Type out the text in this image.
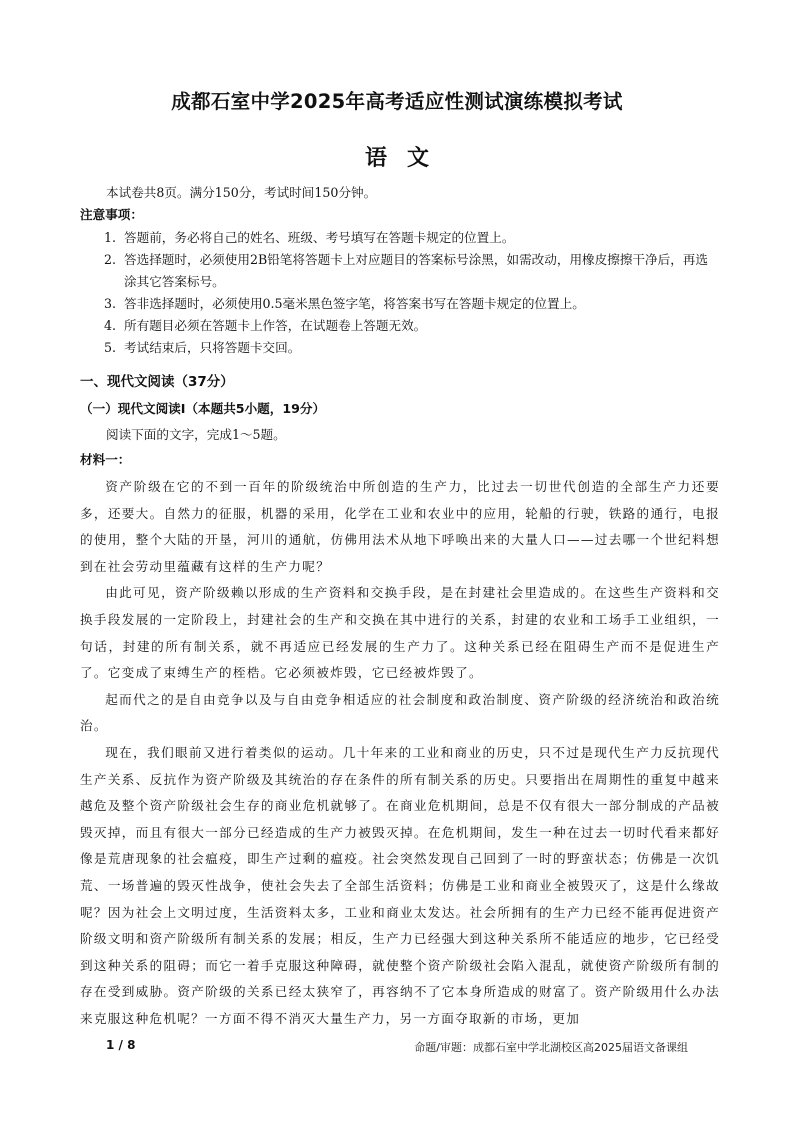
成都石室中学2025年高考适应性测试演练模拟考试
语文
本试卷共8页。满分150分，考试时间150分钟。
注意事项：
1. 答题前，务必将自己的姓名、班级、考号填写在答题卡规定的位置上。
2. 答选择题时，必须使用2B铅笔将答题卡上对应题目的答案标号涂黑，如需改动，用橡皮擦擦干净后，再选涂其它答案标号。
3. 答非选择题时，必须使用0.5毫米黑色签字笔，将答案书写在答题卡规定的位置上。
4. 所有题目必须在答题卡上作答，在试题卷上答题无效。
5. 考试结束后，只将答题卡交回。
一、现代文阅读（37分）
（一）现代文阅读Ⅰ（本题共5小题，19分）
阅读下面的文字，完成1～5题。
材料一：

资产阶级在它的不到一百年的阶级统治中所创造的生产力，比过去一切世代创造的全部生产力还要多，还要大。自然力的征服，机器的采用，化学在工业和农业中的应用，轮船的行驶，铁路的通行，电报的使用，整个大陆的开垦，河川的通航，仿佛用法术从地下呼唤出来的大量人口——过去哪一个世纪料想到在社会劳动里蕴藏有这样的生产力呢？

由此可见，资产阶级赖以形成的生产资料和交换手段，是在封建社会里造成的。在这些生产资料和交换手段发展的一定阶段上，封建社会的生产和交换在其中进行的关系，封建的农业和工场手工业组织，一句话，封建的所有制关系，就不再适应已经发展的生产力了。这种关系已经在阻碍生产而不是促进生产了。它变成了束缚生产的桎梏。它必须被炸毁，它已经被炸毁了。

起而代之的是自由竞争以及与自由竞争相适应的社会制度和政治制度、资产阶级的经济统治和政治统治。

现在，我们眼前又进行着类似的运动。几十年来的工业和商业的历史，只不过是现代生产力反抗现代生产关系、反抗作为资产阶级及其统治的存在条件的所有制关系的历史。只要指出在周期性的重复中越来越危及整个资产阶级社会生存的商业危机就够了。在商业危机期间，总是不仅有很大一部分制成的产品被毁灭掉，而且有很大一部分已经造成的生产力被毁灭掉。在危机期间，发生一种在过去一切时代看来都好像是荒唐现象的社会瘟疫，即生产过剩的瘟疫。社会突然发现自己回到了一时的野蛮状态；仿佛是一次饥荒、一场普遍的毁灭性战争，使社会失去了全部生活资料；仿佛是工业和商业全被毁灭了，这是什么缘故呢？因为社会上文明过度，生活资料太多，工业和商业太发达。社会所拥有的生产力已经不能再促进资产阶级文明和资产阶级所有制关系的发展；相反，生产力已经强大到这种关系所不能适应的地步，它已经受到这种关系的阻碍；而它一着手克服这种障碍，就使整个资产阶级社会陷入混乱，就使资产阶级所有制的存在受到威胁。资产阶级的关系已经太狭窄了，再容纳不了它本身所造成的财富了。资产阶级用什么办法来克服这种危机呢？一方面不得不消灭大量生产力，另一方面夺取新的市场，更加

1 / 8	命题/审题：成都石室中学北湖校区高2025届语文备课组
